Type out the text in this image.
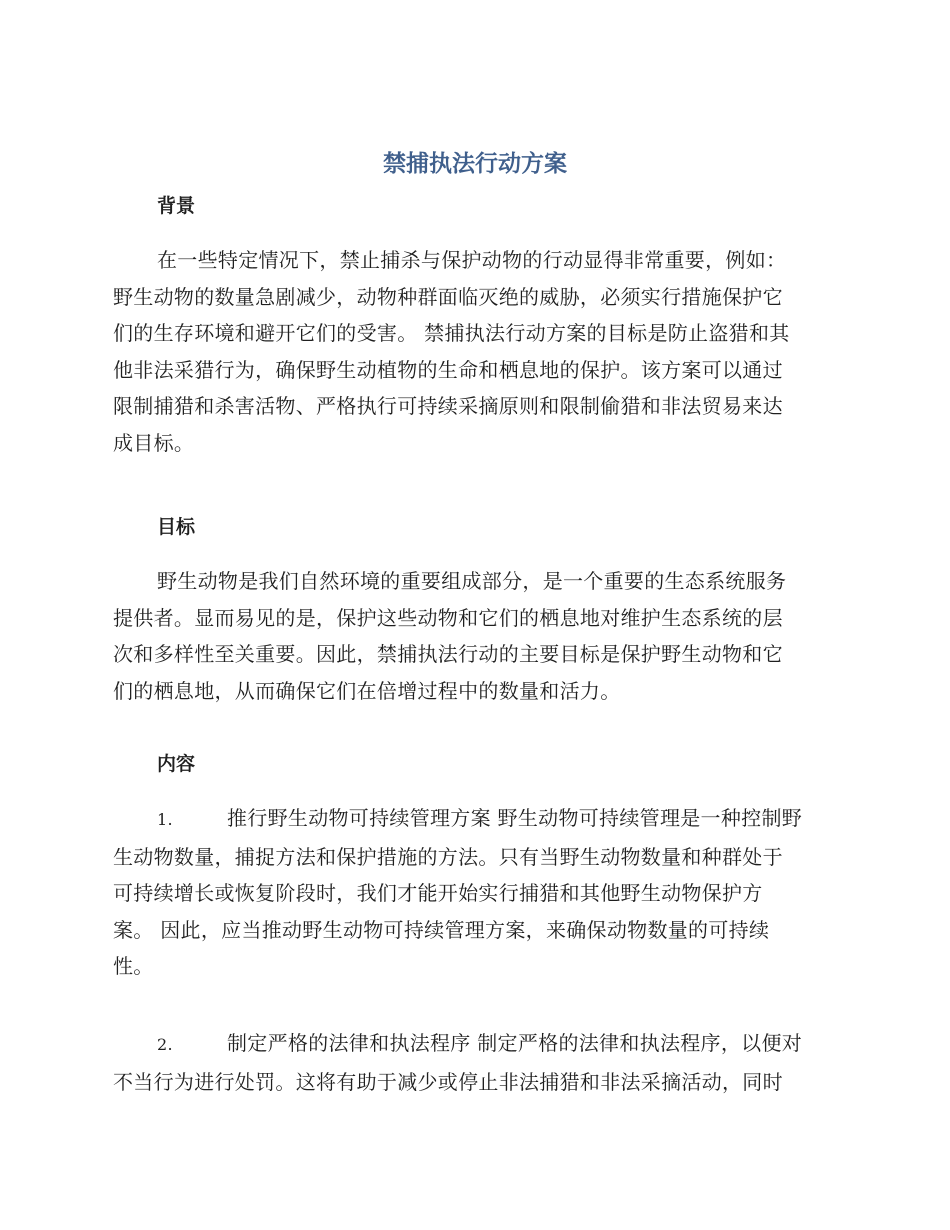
禁捕执法行动方案
背景
在一些特定情况下，禁止捕杀与保护动物的行动显得非常重要，例如：
野生动物的数量急剧减少，动物种群面临灭绝的威胁，必须实行措施保护它
们的生存环境和避开它们的受害。 禁捕执法行动方案的目标是防止盗猎和其
他非法采猎行为，确保野生动植物的生命和栖息地的保护。该方案可以通过
限制捕猎和杀害活物、严格执行可持续采摘原则和限制偷猎和非法贸易来达
成目标。
目标
野生动物是我们自然环境的重要组成部分，是一个重要的生态系统服务
提供者。显而易见的是，保护这些动物和它们的栖息地对维护生态系统的层
次和多样性至关重要。因此，禁捕执法行动的主要目标是保护野生动物和它
们的栖息地，从而确保它们在倍增过程中的数量和活力。
内容
1.	推行野生动物可持续管理方案 野生动物可持续管理是一种控制野
生动物数量，捕捉方法和保护措施的方法。只有当野生动物数量和种群处于
可持续增长或恢复阶段时，我们才能开始实行捕猎和其他野生动物保护方
案。 因此，应当推动野生动物可持续管理方案，来确保动物数量的可持续
性。
2.	制定严格的法律和执法程序 制定严格的法律和执法程序，以便对
不当行为进行处罚。这将有助于减少或停止非法捕猎和非法采摘活动，同时
